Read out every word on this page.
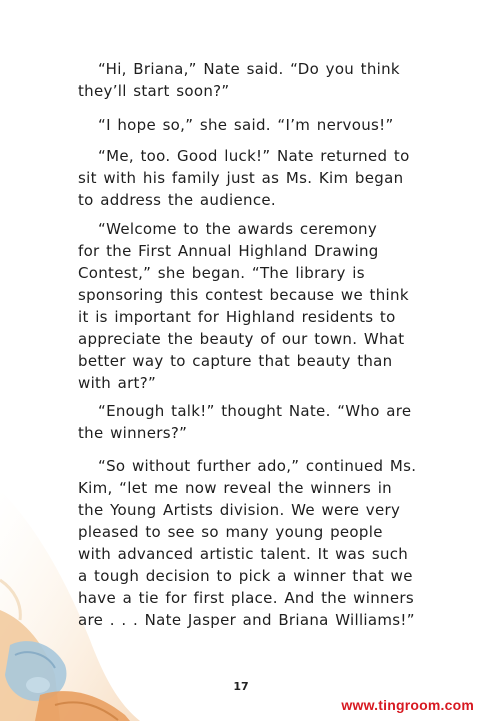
“Hi, Briana,” Nate said. “Do you think
they’ll start soon?”
“I hope so,” she said. “I’m nervous!”
“Me, too. Good luck!” Nate returned to
sit with his family just as Ms. Kim began
to address the audience.
“Welcome to the awards ceremony
for the First Annual Highland Drawing
Contest,” she began. “The library is
sponsoring this contest because we think
it is important for Highland residents to
appreciate the beauty of our town. What
better way to capture that beauty than
with art?”
“Enough talk!” thought Nate. “Who are
the winners?”
“So without further ado,” continued Ms.
Kim, “let me now reveal the winners in
the Young Artists division. We were very
pleased to see so many young people
with advanced artistic talent. It was such
a tough decision to pick a winner that we
have a tie for first place. And the winners
are . . . Nate Jasper and Briana Williams!”
17
www.tingroom.com
